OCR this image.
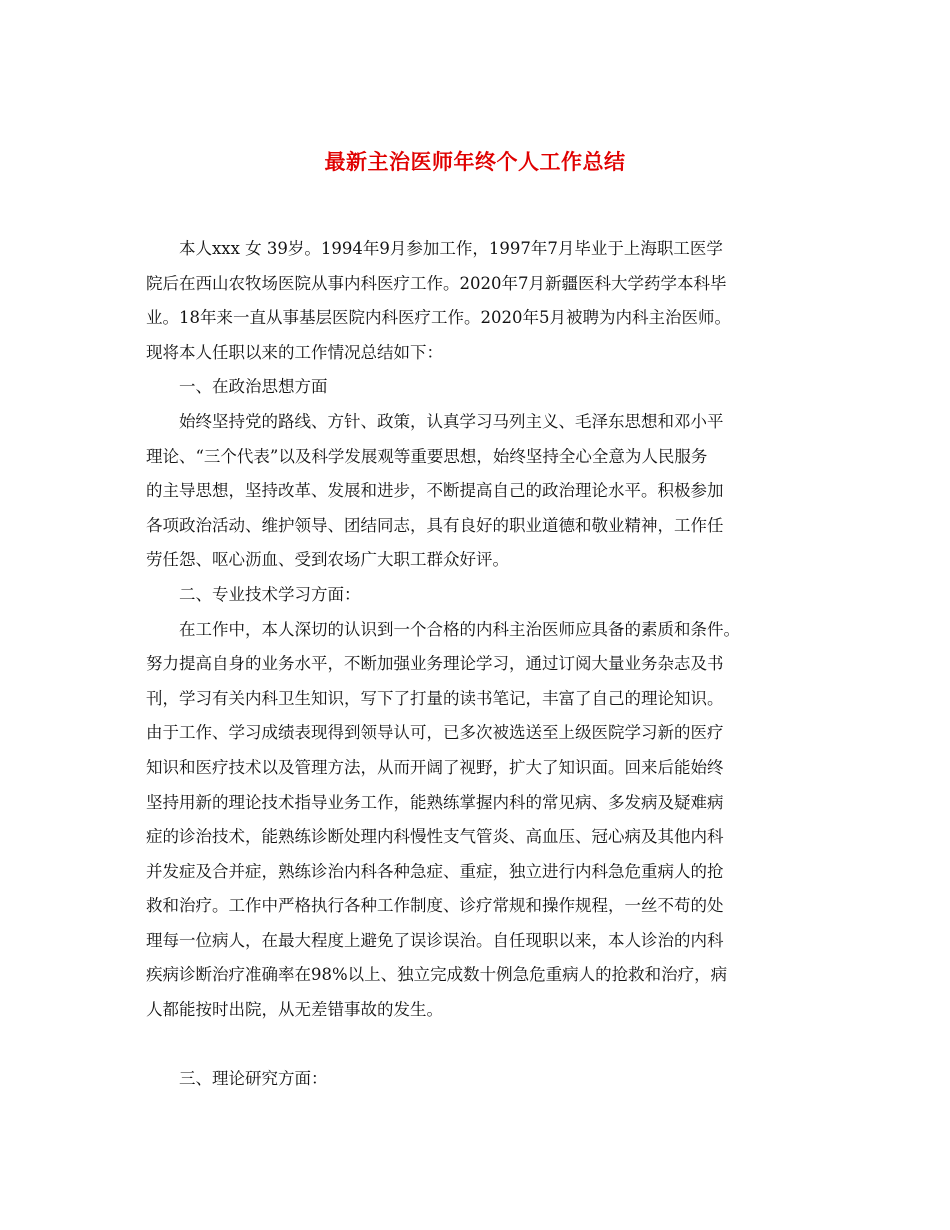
最新主治医师年终个人工作总结
本人xxx 女 39岁。1994年9月参加工作，1997年7月毕业于上海职工医学
院后在西山农牧场医院从事内科医疗工作。2020年7月新疆医科大学药学本科毕
业。18年来一直从事基层医院内科医疗工作。2020年5月被聘为内科主治医师。
现将本人任职以来的工作情况总结如下：
一、在政治思想方面
始终坚持党的路线、方针、政策，认真学习马列主义、毛泽东思想和邓小平
理论、“三个代表”以及科学发展观等重要思想，始终坚持全心全意为人民服务
的主导思想，坚持改革、发展和进步，不断提高自己的政治理论水平。积极参加
各项政治活动、维护领导、团结同志，具有良好的职业道德和敬业精神，工作任
劳任怨、呕心沥血、受到农场广大职工群众好评。
二、专业技术学习方面：
在工作中，本人深切的认识到一个合格的内科主治医师应具备的素质和条件。
努力提高自身的业务水平，不断加强业务理论学习，通过订阅大量业务杂志及书
刊，学习有关内科卫生知识，写下了打量的读书笔记，丰富了自己的理论知识。
由于工作、学习成绩表现得到领导认可，已多次被选送至上级医院学习新的医疗
知识和医疗技术以及管理方法，从而开阔了视野，扩大了知识面。回来后能始终
坚持用新的理论技术指导业务工作，能熟练掌握内科的常见病、多发病及疑难病
症的诊治技术，能熟练诊断处理内科慢性支气管炎、高血压、冠心病及其他内科
并发症及合并症，熟练诊治内科各种急症、重症，独立进行内科急危重病人的抢
救和治疗。工作中严格执行各种工作制度、诊疗常规和操作规程，一丝不苟的处
理每一位病人，在最大程度上避免了误诊误治。自任现职以来，本人诊治的内科
疾病诊断治疗准确率在98%以上、独立完成数十例急危重病人的抢救和治疗，病
人都能按时出院，从无差错事故的发生。
三、理论研究方面：
